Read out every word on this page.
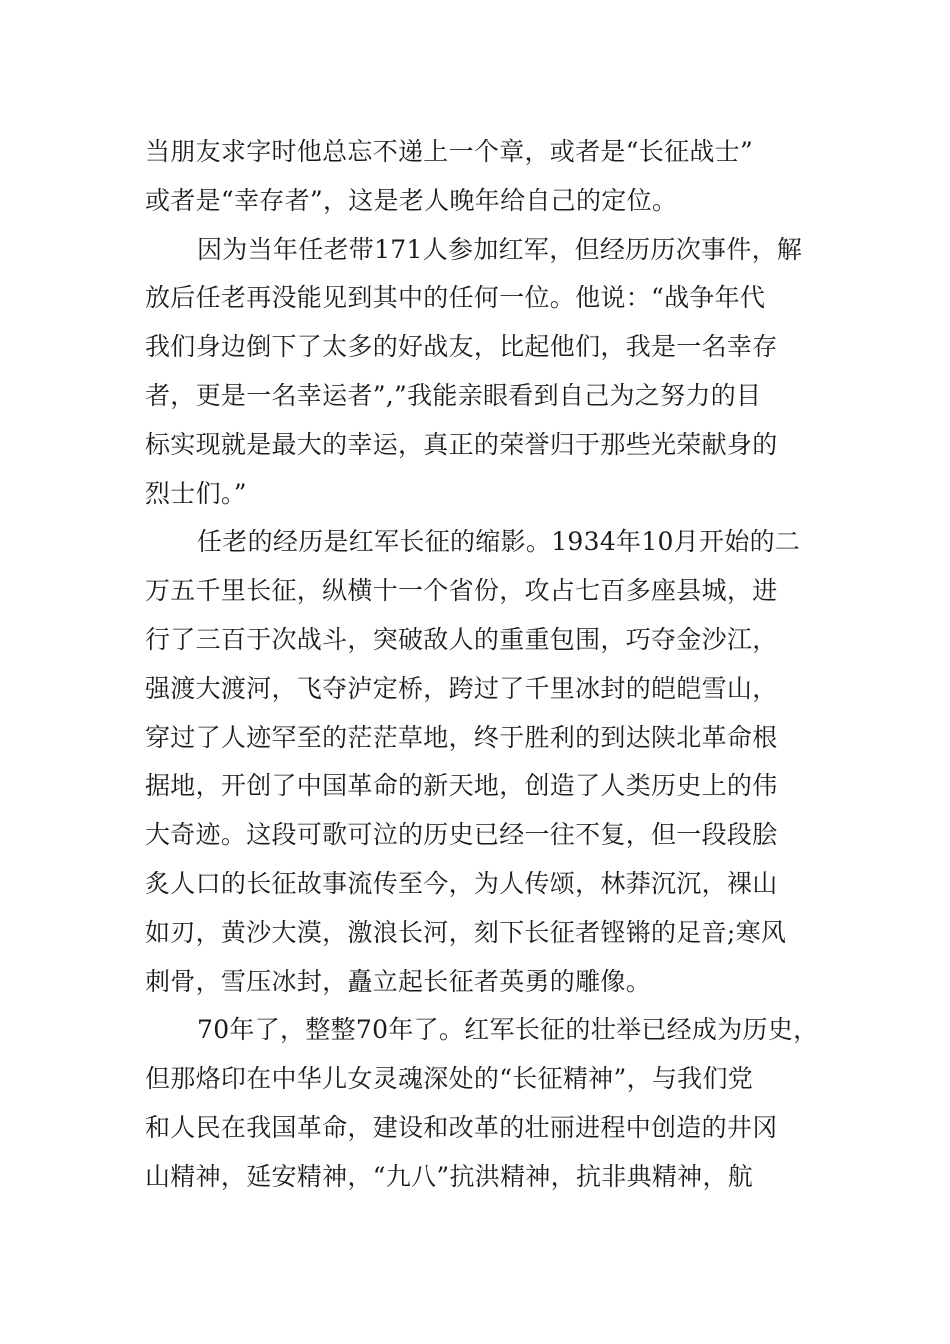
当朋友求字时他总忘不递上一个章，或者是“长征战士”
或者是“幸存者”，这是老人晚年给自己的定位。
因为当年任老带171人参加红军，但经历历次事件，解
放后任老再没能见到其中的任何一位。他说：“战争年代
我们身边倒下了太多的好战友，比起他们，我是一名幸存
者，更是一名幸运者”,”我能亲眼看到自己为之努力的目
标实现就是最大的幸运，真正的荣誉归于那些光荣献身的
烈士们。”
任老的经历是红军长征的缩影。1934年10月开始的二
万五千里长征，纵横十一个省份，攻占七百多座县城，进
行了三百于次战斗，突破敌人的重重包围，巧夺金沙江，
强渡大渡河，飞夺泸定桥，跨过了千里冰封的皑皑雪山，
穿过了人迹罕至的茫茫草地，终于胜利的到达陕北革命根
据地，开创了中国革命的新天地，创造了人类历史上的伟
大奇迹。这段可歌可泣的历史已经一往不复，但一段段脍
炙人口的长征故事流传至今，为人传颂，林莽沉沉，裸山
如刃，黄沙大漠，激浪长河，刻下长征者铿锵的足音;寒风
刺骨，雪压冰封，矗立起长征者英勇的雕像。
70年了，整整70年了。红军长征的壮举已经成为历史，
但那烙印在中华儿女灵魂深处的“长征精神”，与我们党
和人民在我国革命，建设和改革的壮丽进程中创造的井冈
山精神，延安精神，“九八”抗洪精神，抗非典精神，航
